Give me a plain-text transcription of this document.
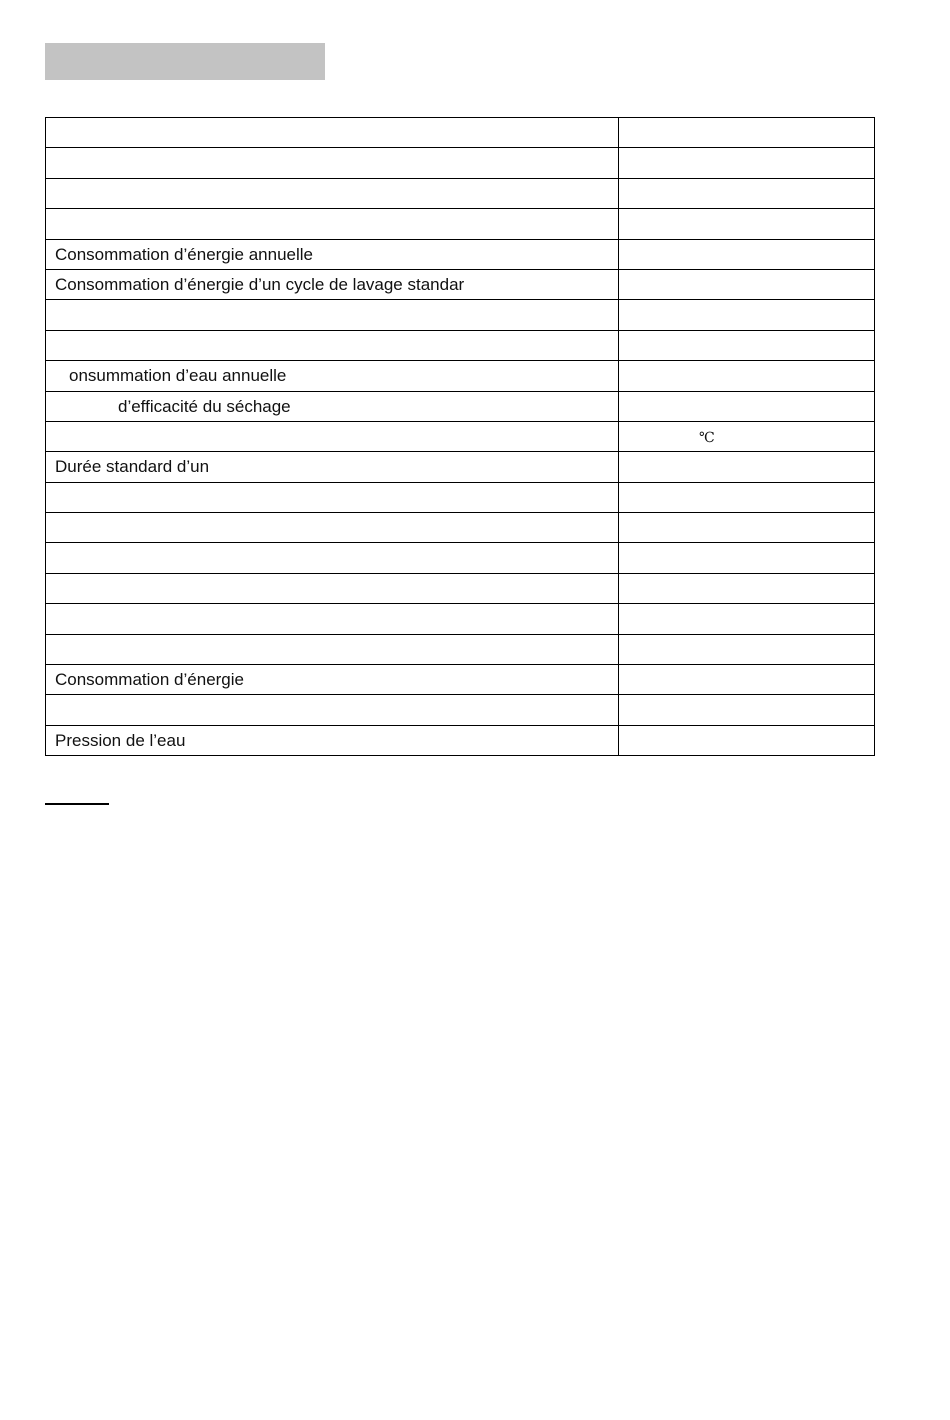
Consommation d’énergie annuelle	
Consommation d’énergie d’un cycle de lavage standar	

onsummation d’eau annuelle	
d’efficacité du séchage	
	℃
Durée standard d’un	

Consommation d’énergie	

Pression de l’eau	
